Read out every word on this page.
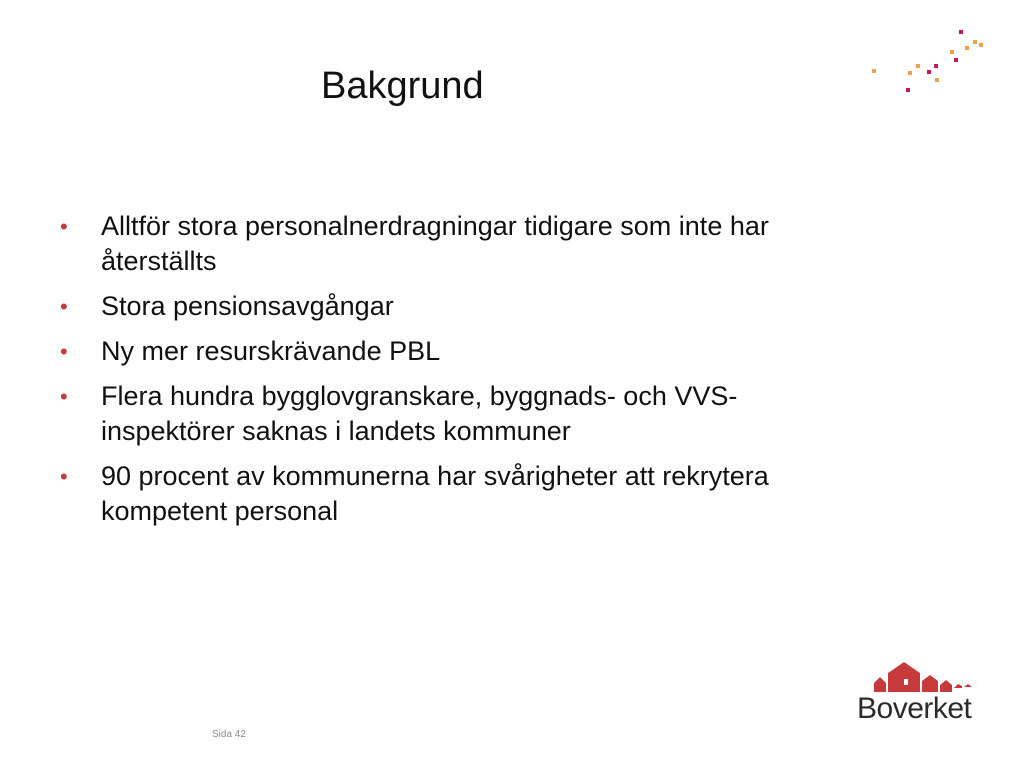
Bakgrund
• Alltför stora personalnerdragningar tidigare som inte har återställts
• Stora pensionsavgångar
• Ny mer resurskrävande PBL
• Flera hundra bygglovgranskare, byggnads- och VVS-inspektörer saknas i landets kommuner
• 90 procent av kommunerna har svårigheter att rekrytera kompetent personal
Sida 42
Boverket
